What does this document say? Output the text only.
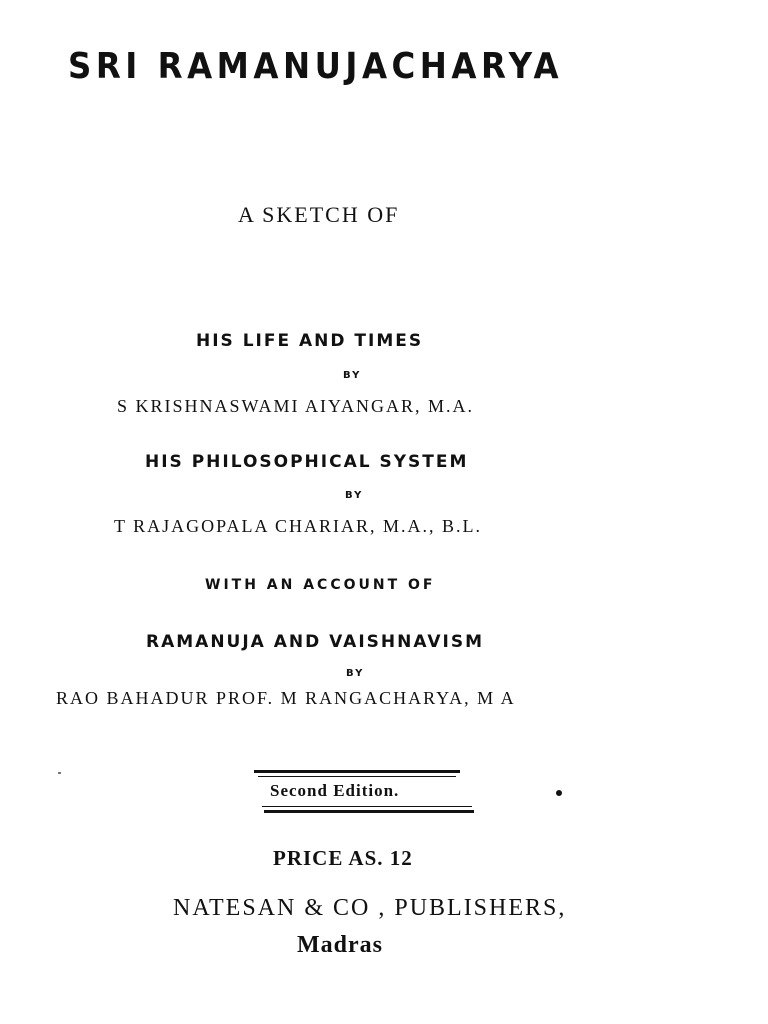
SRI RAMANUJACHARYA
A SKETCH OF
HIS LIFE AND TIMES
BY
S KRISHNASWAMI AIYANGAR, M.A.
HIS PHILOSOPHICAL SYSTEM
BY
T RAJAGOPALA CHARIAR, M.A., B.L.
WITH AN ACCOUNT OF
RAMANUJA AND VAISHNAVISM
BY
RAO BAHADUR PROF. M RANGACHARYA, M A
Second Edition.
PRICE AS. 12
NATESAN & CO , PUBLISHERS,
Madras
